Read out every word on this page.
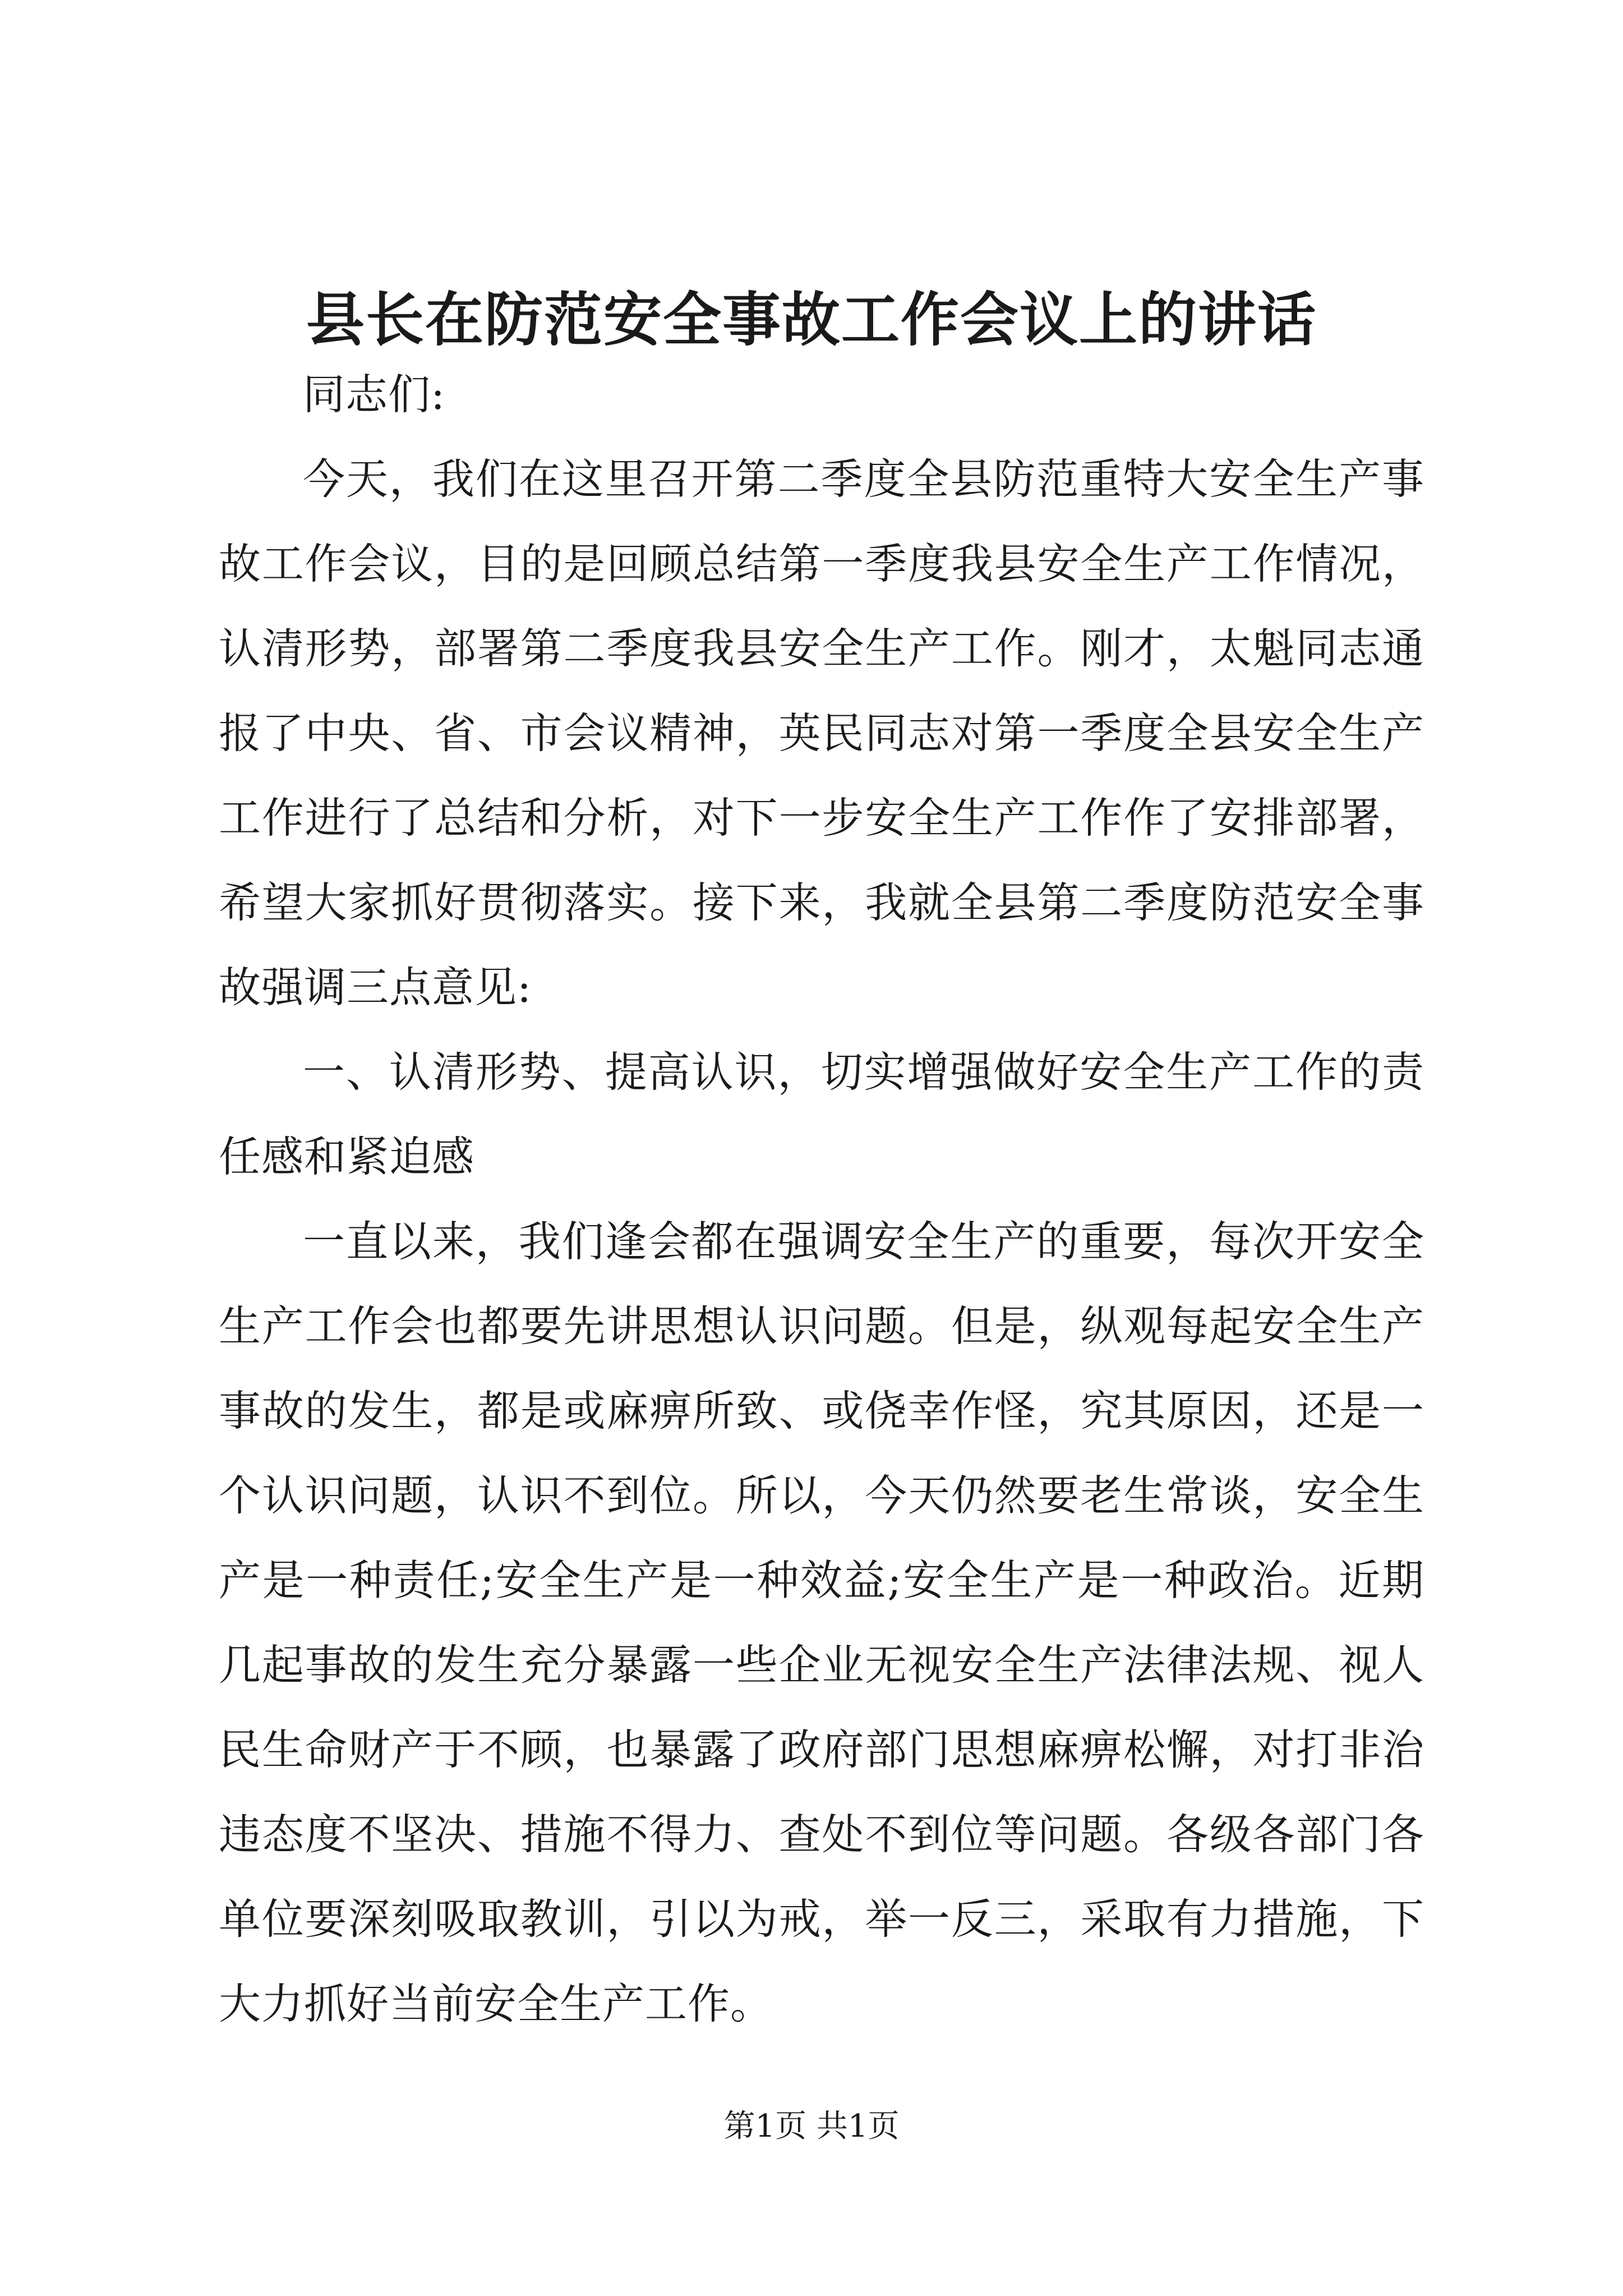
县长在防范安全事故工作会议上的讲话

同志们:

今天，我们在这里召开第二季度全县防范重特大安全生产事故工作会议，目的是回顾总结第一季度我县安全生产工作情况，认清形势，部署第二季度我县安全生产工作。刚才，太魁同志通报了中央、省、市会议精神，英民同志对第一季度全县安全生产工作进行了总结和分析，对下一步安全生产工作作了安排部署，希望大家抓好贯彻落实。接下来，我就全县第二季度防范安全事故强调三点意见:

一、认清形势、提高认识，切实增强做好安全生产工作的责任感和紧迫感

一直以来，我们逢会都在强调安全生产的重要，每次开安全生产工作会也都要先讲思想认识问题。但是，纵观每起安全生产事故的发生，都是或麻痹所致、或侥幸作怪，究其原因，还是一个认识问题，认识不到位。所以，今天仍然要老生常谈，安全生产是一种责任;安全生产是一种效益;安全生产是一种政治。近期几起事故的发生充分暴露一些企业无视安全生产法律法规、视人民生命财产于不顾，也暴露了政府部门思想麻痹松懈，对打非治违态度不坚决、措施不得力、查处不到位等问题。各级各部门各单位要深刻吸取教训，引以为戒，举一反三，采取有力措施，下大力抓好当前安全生产工作。

第1页 共1页
